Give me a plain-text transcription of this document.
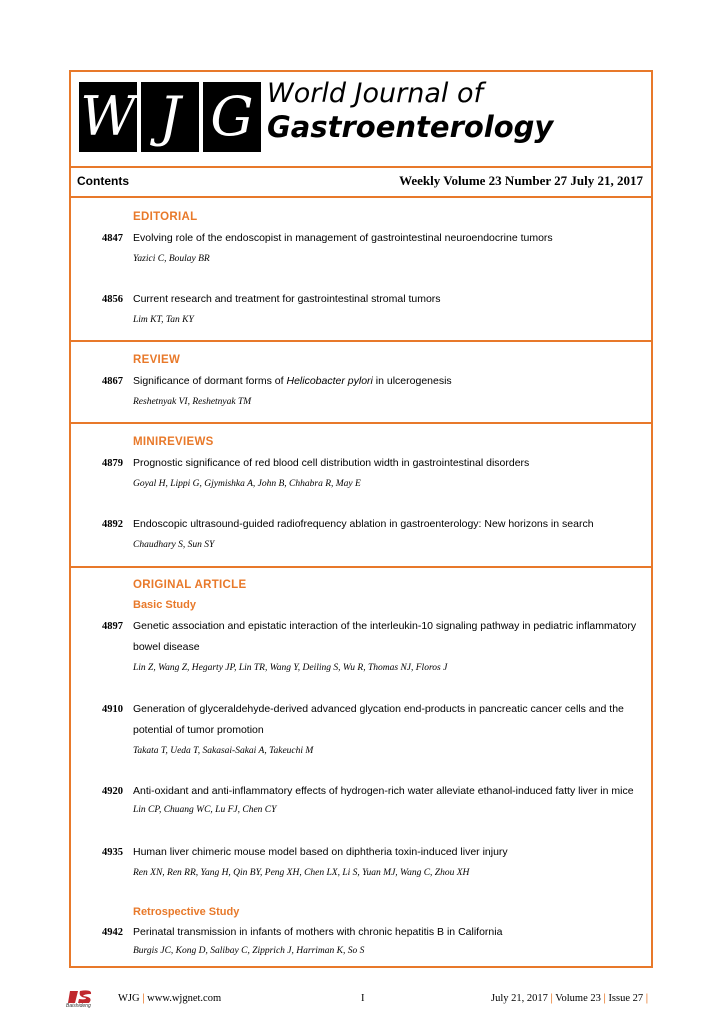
W J G World Journal of
Gastroenterology
Contents	Weekly Volume 23 Number 27 July 21, 2017
EDITORIAL
4847 Evolving role of the endoscopist in management of gastrointestinal neuroendocrine tumors
Yazici C, Boulay BR
4856 Current research and treatment for gastrointestinal stromal tumors
Lim KT, Tan KY
REVIEW
4867 Significance of dormant forms of Helicobacter pylori in ulcerogenesis
Reshetnyak VI, Reshetnyak TM
MINIREVIEWS
4879 Prognostic significance of red blood cell distribution width in gastrointestinal disorders
Goyal H, Lippi G, Gjymishka A, John B, Chhabra R, May E
4892 Endoscopic ultrasound-guided radiofrequency ablation in gastroenterology: New horizons in search
Chaudhary S, Sun SY
ORIGINAL ARTICLE
Basic Study
4897 Genetic association and epistatic interaction of the interleukin-10 signaling pathway in pediatric inflammatory
bowel disease
Lin Z, Wang Z, Hegarty JP, Lin TR, Wang Y, Deiling S, Wu R, Thomas NJ, Floros J
4910 Generation of glyceraldehyde-derived advanced glycation end-products in pancreatic cancer cells and the
potential of tumor promotion
Takata T, Ueda T, Sakasai-Sakai A, Takeuchi M
4920 Anti-oxidant and anti-inflammatory effects of hydrogen-rich water alleviate ethanol-induced fatty liver in mice
Lin CP, Chuang WC, Lu FJ, Chen CY
4935 Human liver chimeric mouse model based on diphtheria toxin-induced liver injury
Ren XN, Ren RR, Yang H, Qin BY, Peng XH, Chen LX, Li S, Yuan MJ, Wang C, Zhou XH
Retrospective Study
4942 Perinatal transmission in infants of mothers with chronic hepatitis B in California
Burgis JC, Kong D, Salibay C, Zipprich J, Harriman K, So S
Baishideng
WJG | www.wjgnet.com	I	July 21, 2017 | Volume 23 | Issue 27 |
